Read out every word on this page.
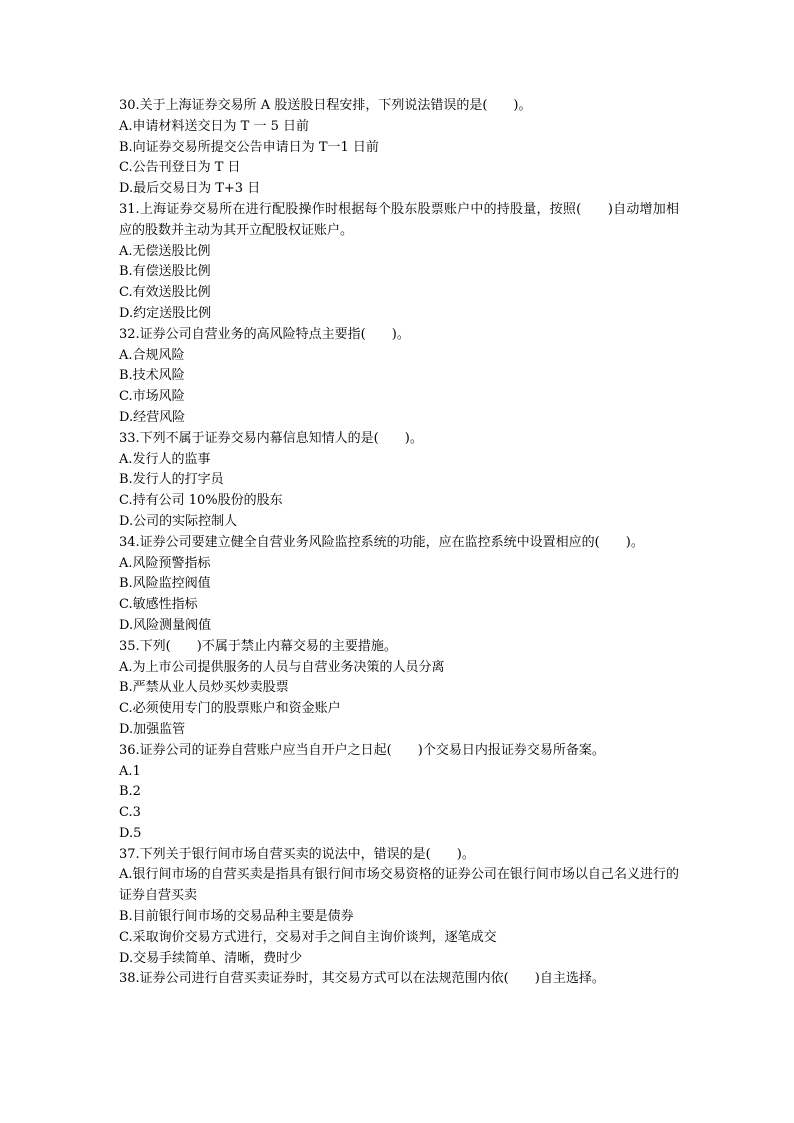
30.关于上海证券交易所 A 股送股日程安排，下列说法错误的是(　　)。

A.申请材料送交日为 T 一 5 日前

B.向证券交易所提交公告申请日为 T一1 日前

C.公告刊登日为 T 日

D.最后交易日为 T+3 日

31.上海证券交易所在进行配股操作时根据每个股东股票账户中的持股量，按照(　　)自动增加相应的股数并主动为其开立配股权证账户。

A.无偿送股比例

B.有偿送股比例

C.有效送股比例

D.约定送股比例

32.证券公司自营业务的高风险特点主要指(　　)。

A.合规风险

B.技术风险

C.市场风险

D.经营风险

33.下列不属于证券交易内幕信息知情人的是(　　)。

A.发行人的监事

B.发行人的打字员

C.持有公司 10%股份的股东

D.公司的实际控制人

34.证券公司要建立健全自营业务风险监控系统的功能，应在监控系统中设置相应的(　　)。

A.风险预警指标

B.风险监控阀值

C.敏感性指标

D.风险测量阀值

35.下列(　　)不属于禁止内幕交易的主要措施。

A.为上市公司提供服务的人员与自营业务决策的人员分离

B.严禁从业人员炒买炒卖股票

C.必须使用专门的股票账户和资金账户

D.加强监管

36.证券公司的证券自营账户应当自开户之日起(　　)个交易日内报证券交易所备案。

A.1

B.2

C.3

D.5

37.下列关于银行间市场自营买卖的说法中，错误的是(　　)。

A.银行间市场的自营买卖是指具有银行间市场交易资格的证券公司在银行间市场以自己名义进行的证券自营买卖

B.目前银行间市场的交易品种主要是债券

C.采取询价交易方式进行，交易对手之间自主询价谈判，逐笔成交

D.交易手续简单、清晰，费时少

38.证券公司进行自营买卖证券时，其交易方式可以在法规范围内依(　　)自主选择。
